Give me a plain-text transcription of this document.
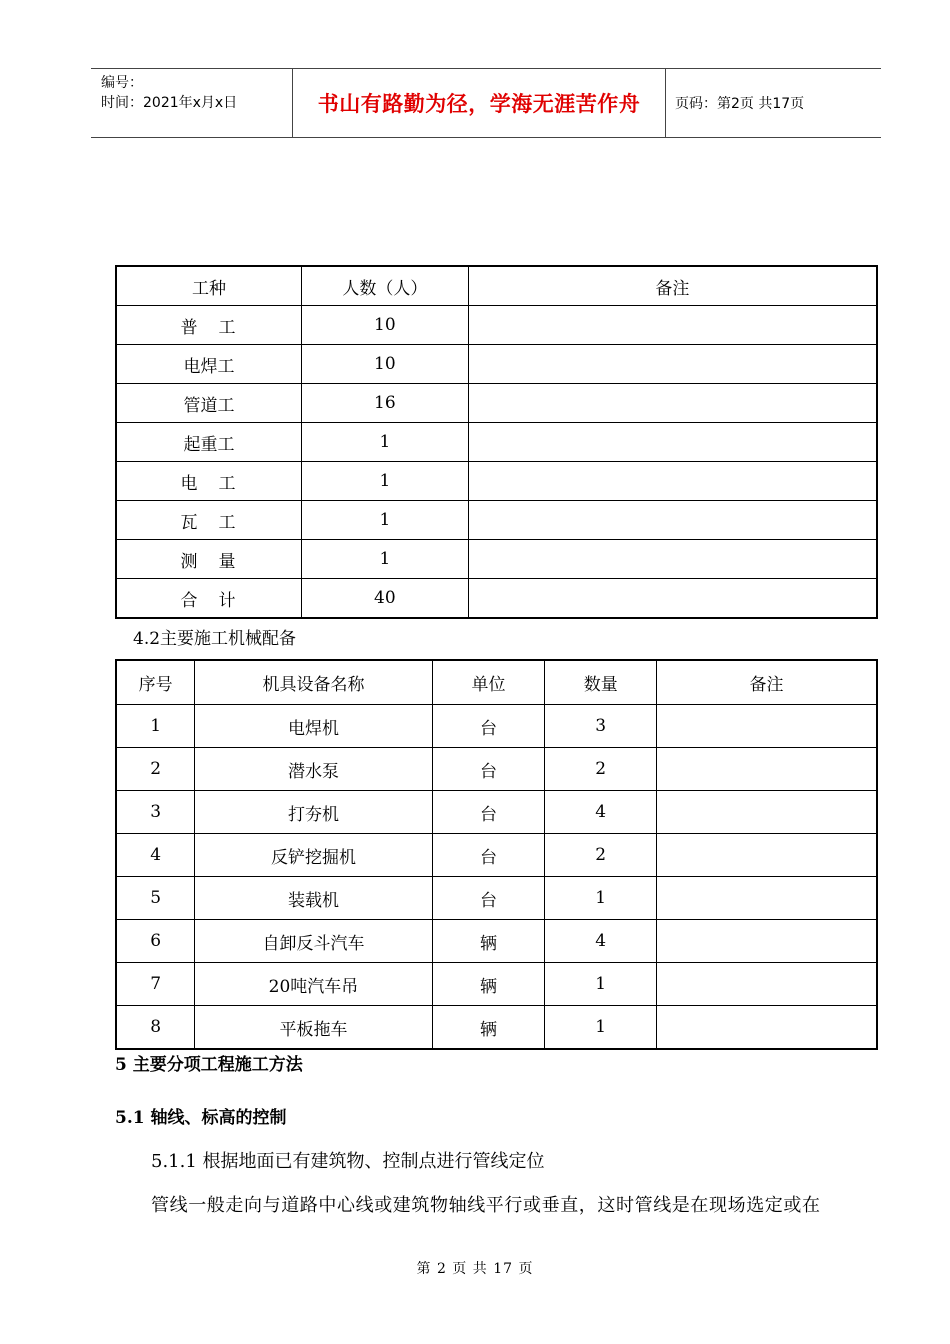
编号：
时间：2021年x月x日	书山有路勤为径，学海无涯苦作舟	页码：第2页 共17页
工种	人数（人）	备注
普　工	10	
电焊工	10	
管道工	16	
起重工	1	
电　工	1	
瓦　工	1	
测　量	1	
合　计	40	
4.2主要施工机械配备
序号	机具设备名称	单位	数量	备注
1	电焊机	台	3	
2	潜水泵	台	2	
3	打夯机	台	4	
4	反铲挖掘机	台	2	
5	装载机	台	1	
6	自卸反斗汽车	辆	4	
7	20吨汽车吊	辆	1	
8	平板拖车	辆	1	
5 主要分项工程施工方法
5.1 轴线、标高的控制
5.1.1 根据地面已有建筑物、控制点进行管线定位
管线一般走向与道路中心线或建筑物轴线平行或垂直，这时管线是在现场选定或在
第 2 页 共 17 页
